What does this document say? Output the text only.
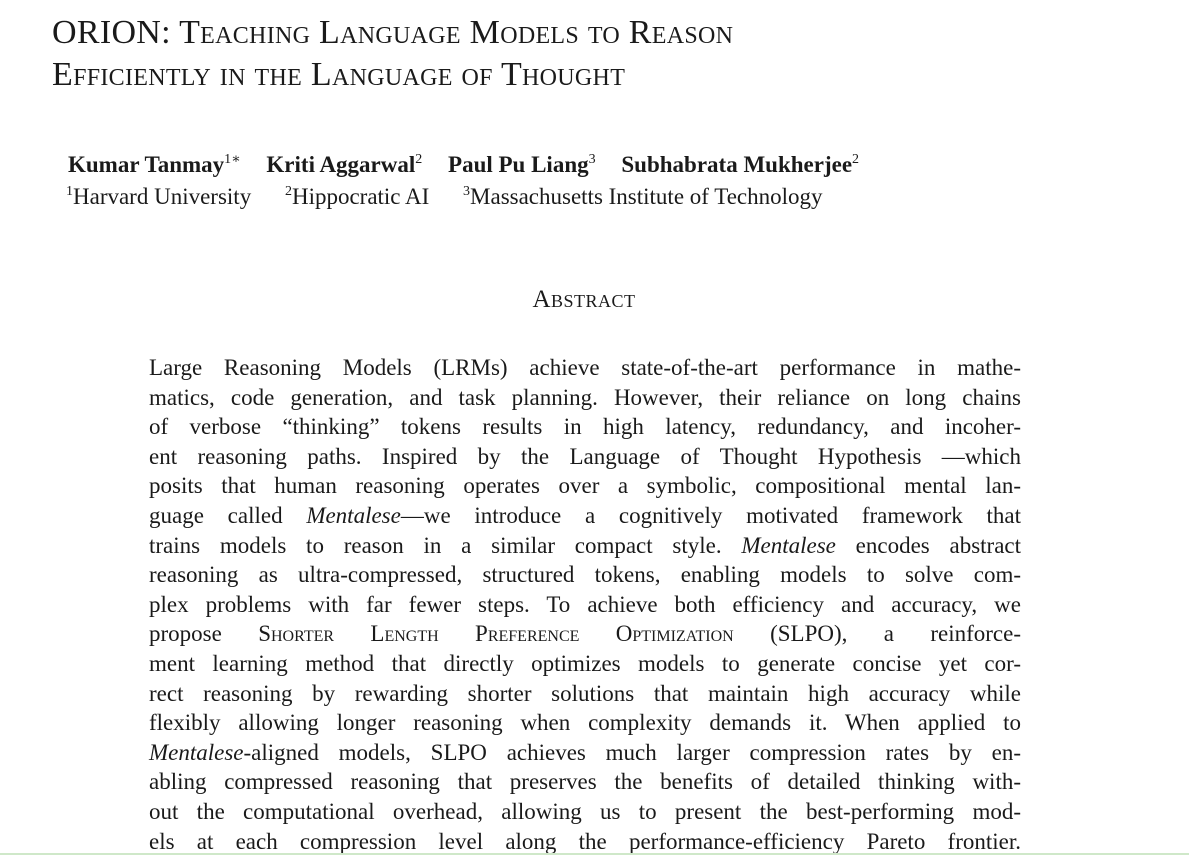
ORION: Teaching Language Models to Reason
Efficiently in the Language of Thought
Kumar Tanmay$^{1∗}$ Kriti Aggarwal$^2$ Paul Pu Liang$^3$ Subhabrata Mukherjee$^2$
$^1$Harvard University $^2$Hippocratic AI $^3$Massachusetts Institute of Technology
Abstract
Large Reasoning Models (LRMs) achieve state-of-the-art performance in mathe-
matics, code generation, and task planning. However, their reliance on long chains
of verbose “thinking” tokens results in high latency, redundancy, and incoher-
ent reasoning paths. Inspired by the Language of Thought Hypothesis —which
posits that human reasoning operates over a symbolic, compositional mental lan-
guage called Mentalese—we introduce a cognitively motivated framework that
trains models to reason in a similar compact style. Mentalese encodes abstract
reasoning as ultra-compressed, structured tokens, enabling models to solve com-
plex problems with far fewer steps. To achieve both efficiency and accuracy, we
propose Shorter Length Preference Optimization (SLPO), a reinforce-
ment learning method that directly optimizes models to generate concise yet cor-
rect reasoning by rewarding shorter solutions that maintain high accuracy while
flexibly allowing longer reasoning when complexity demands it. When applied to
Mentalese-aligned models, SLPO achieves much larger compression rates by en-
abling compressed reasoning that preserves the benefits of detailed thinking with-
out the computational overhead, allowing us to present the best-performing mod-
els at each compression level along the performance-efficiency Pareto frontier.
